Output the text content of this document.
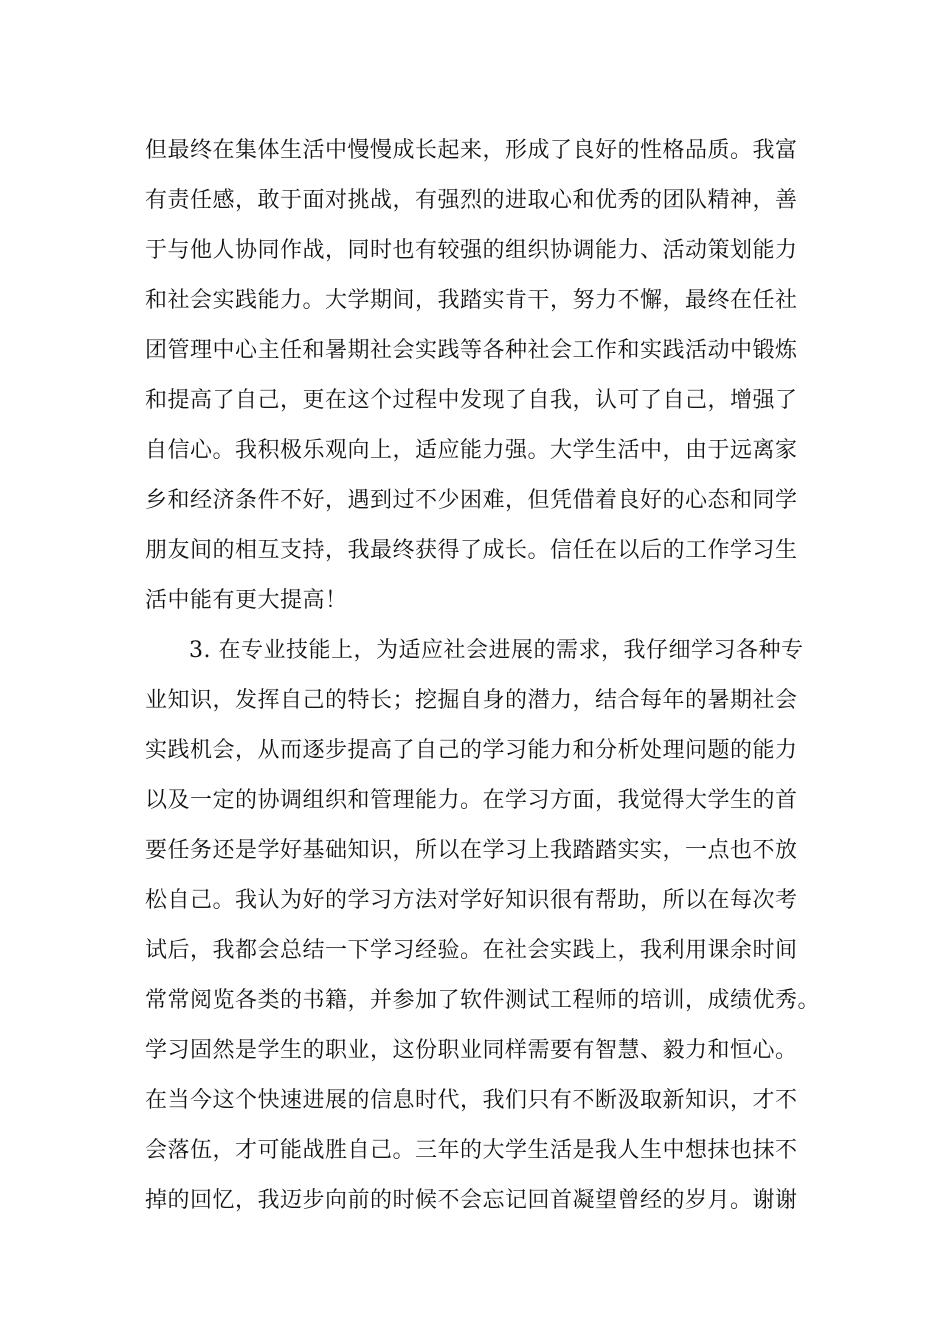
但最终在集体生活中慢慢成长起来，形成了良好的性格品质。我富
有责任感，敢于面对挑战，有强烈的进取心和优秀的团队精神，善
于与他人协同作战，同时也有较强的组织协调能力、活动策划能力
和社会实践能力。大学期间，我踏实肯干，努力不懈，最终在任社
团管理中心主任和暑期社会实践等各种社会工作和实践活动中锻炼
和提高了自己，更在这个过程中发现了自我，认可了自己，增强了
自信心。我积极乐观向上，适应能力强。大学生活中，由于远离家
乡和经济条件不好，遇到过不少困难，但凭借着良好的心态和同学
朋友间的相互支持，我最终获得了成长。信任在以后的工作学习生
活中能有更大提高！
3. 在专业技能上，为适应社会进展的需求，我仔细学习各种专
业知识，发挥自己的特长；挖掘自身的潜力，结合每年的暑期社会
实践机会，从而逐步提高了自己的学习能力和分析处理问题的能力
以及一定的协调组织和管理能力。在学习方面，我觉得大学生的首
要任务还是学好基础知识，所以在学习上我踏踏实实，一点也不放
松自己。我认为好的学习方法对学好知识很有帮助，所以在每次考
试后，我都会总结一下学习经验。在社会实践上，我利用课余时间
常常阅览各类的书籍，并参加了软件测试工程师的培训，成绩优秀。
学习固然是学生的职业，这份职业同样需要有智慧、毅力和恒心。
在当今这个快速进展的信息时代，我们只有不断汲取新知识，才不
会落伍，才可能战胜自己。三年的大学生活是我人生中想抹也抹不
掉的回忆，我迈步向前的时候不会忘记回首凝望曾经的岁月。谢谢
